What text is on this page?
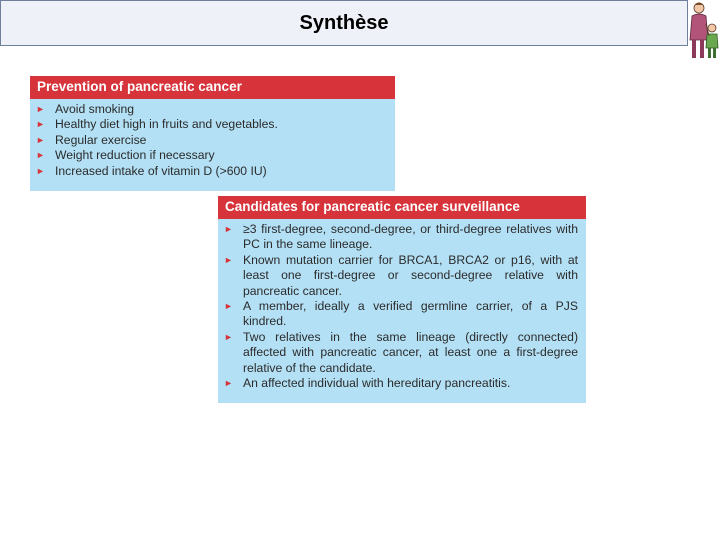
Synthèse
Prevention of pancreatic cancer
► Avoid smoking
► Healthy diet high in fruits and vegetables.
► Regular exercise
► Weight reduction if necessary
► Increased intake of vitamin D (>600 IU)
Candidates for pancreatic cancer surveillance
► ≥3 first-degree, second-degree, or third-degree relatives with PC in the same lineage.
► Known mutation carrier for BRCA1, BRCA2 or p16, with at least one first-degree or second-degree relative with pancreatic cancer.
► A member, ideally a verified germline carrier, of a PJS kindred.
► Two relatives in the same lineage (directly connected) affected with pancreatic cancer, at least one a first-degree relative of the candidate.
► An affected individual with hereditary pancreatitis.
